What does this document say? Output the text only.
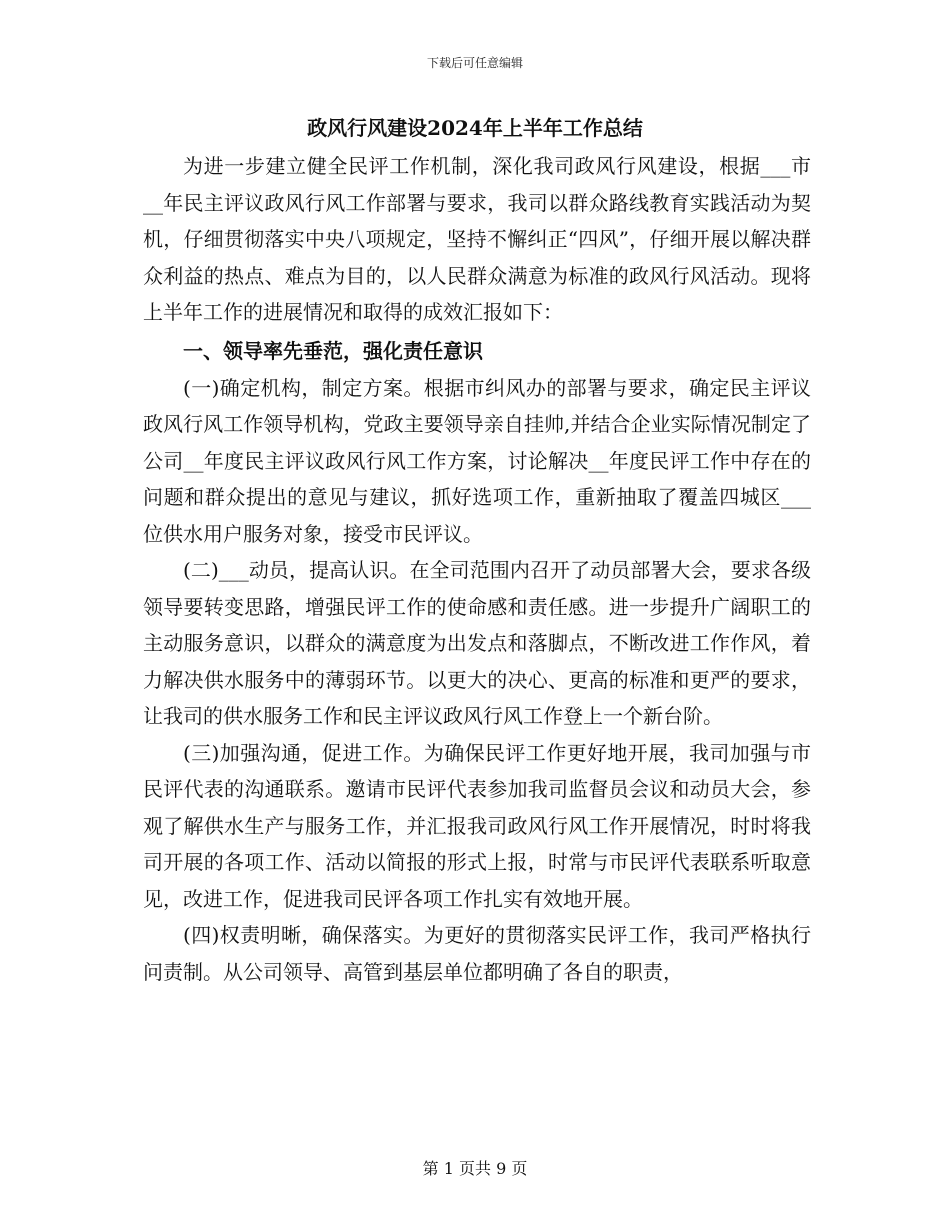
下载后可任意编辑
政风行风建设2024年上半年工作总结

为进一步建立健全民评工作机制，深化我司政风行风建设，根据___市__年民主评议政风行风工作部署与要求，我司以群众路线教育实践活动为契机，仔细贯彻落实中央八项规定，坚持不懈纠正“四风”，仔细开展以解决群众利益的热点、难点为目的，以人民群众满意为标准的政风行风活动。现将上半年工作的进展情况和取得的成效汇报如下：

一、领导率先垂范，强化责任意识

(一)确定机构，制定方案。根据市纠风办的部署与要求，确定民主评议政风行风工作领导机构，党政主要领导亲自挂帅,并结合企业实际情况制定了公司__年度民主评议政风行风工作方案，讨论解决__年度民评工作中存在的问题和群众提出的意见与建议，抓好选项工作，重新抽取了覆盖四城区___位供水用户服务对象，接受市民评议。

(二)___动员，提高认识。在全司范围内召开了动员部署大会，要求各级领导要转变思路，增强民评工作的使命感和责任感。进一步提升广阔职工的主动服务意识，以群众的满意度为出发点和落脚点，不断改进工作作风，着力解决供水服务中的薄弱环节。以更大的决心、更高的标准和更严的要求，让我司的供水服务工作和民主评议政风行风工作登上一个新台阶。

(三)加强沟通，促进工作。为确保民评工作更好地开展，我司加强与市民评代表的沟通联系。邀请市民评代表参加我司监督员会议和动员大会，参观了解供水生产与服务工作，并汇报我司政风行风工作开展情况，时时将我司开展的各项工作、活动以简报的形式上报，时常与市民评代表联系听取意见，改进工作，促进我司民评各项工作扎实有效地开展。

(四)权责明晰，确保落实。为更好的贯彻落实民评工作，我司严格执行问责制。从公司领导、高管到基层单位都明确了各自的职责，

第 1 页共 9 页
